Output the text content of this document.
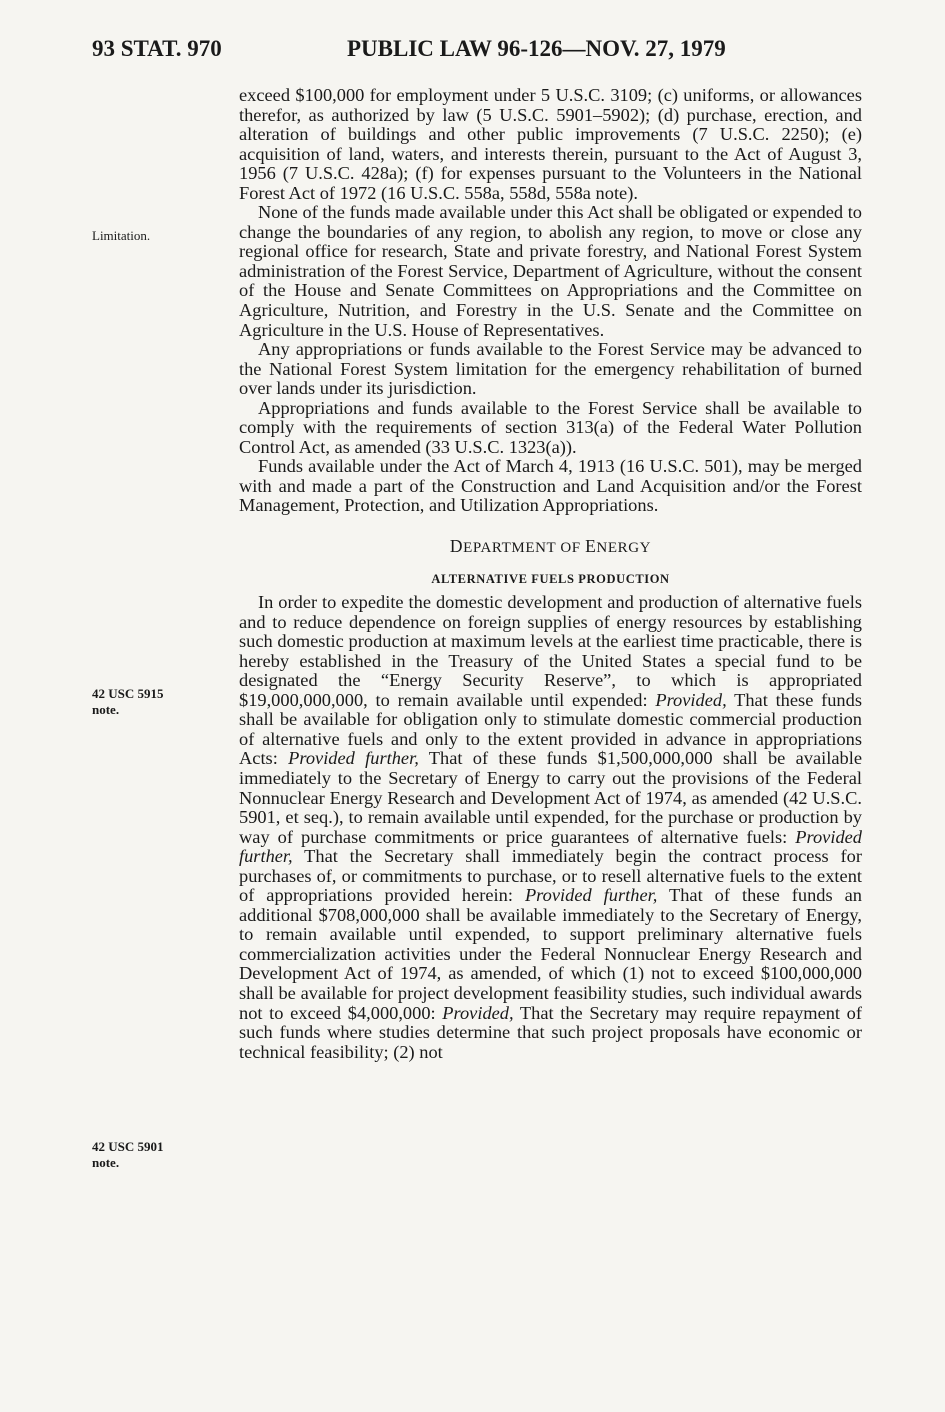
93 STAT. 970	PUBLIC LAW 96-126—NOV. 27, 1979
Limitation.
42 USC 5915
note.
42 USC 5901
note.

exceed $100,000 for employment under 5 U.S.C. 3109; (c) uniforms, or allowances therefor, as authorized by law (5 U.S.C. 5901–5902); (d) purchase, erection, and alteration of buildings and other public improvements (7 U.S.C. 2250); (e) acquisition of land, waters, and interests therein, pursuant to the Act of August 3, 1956 (7 U.S.C. 428a); (f) for expenses pursuant to the Volunteers in the National Forest Act of 1972 (16 U.S.C. 558a, 558d, 558a note).

None of the funds made available under this Act shall be obligated or expended to change the boundaries of any region, to abolish any region, to move or close any regional office for research, State and private forestry, and National Forest System administration of the Forest Service, Department of Agriculture, without the consent of the House and Senate Committees on Appropriations and the Committee on Agriculture, Nutrition, and Forestry in the U.S. Senate and the Committee on Agriculture in the U.S. House of Representatives.

Any appropriations or funds available to the Forest Service may be advanced to the National Forest System limitation for the emergency rehabilitation of burned over lands under its jurisdiction.

Appropriations and funds available to the Forest Service shall be available to comply with the requirements of section 313(a) of the Federal Water Pollution Control Act, as amended (33 U.S.C. 1323(a)).

Funds available under the Act of March 4, 1913 (16 U.S.C. 501), may be merged with and made a part of the Construction and Land Acquisition and/or the Forest Management, Protection, and Utilization Appropriations.

DEPARTMENT OF ENERGY
ALTERNATIVE FUELS PRODUCTION

In order to expedite the domestic development and production of alternative fuels and to reduce dependence on foreign supplies of energy resources by establishing such domestic production at maximum levels at the earliest time practicable, there is hereby established in the Treasury of the United States a special fund to be designated the “Energy Security Reserve”, to which is appropriated $19,000,000,000, to remain available until expended: Provided, That these funds shall be available for obligation only to stimulate domestic commercial production of alternative fuels and only to the extent provided in advance in appropriations Acts: Provided further, That of these funds $1,500,000,000 shall be available immediately to the Secretary of Energy to carry out the provisions of the Federal Nonnuclear Energy Research and Development Act of 1974, as amended (42 U.S.C. 5901, et seq.), to remain available until expended, for the purchase or production by way of purchase commitments or price guarantees of alternative fuels: Provided further, That the Secretary shall immediately begin the contract process for purchases of, or commitments to purchase, or to resell alternative fuels to the extent of appropriations provided herein: Provided further, That of these funds an additional $708,000,000 shall be available immediately to the Secretary of Energy, to remain available until expended, to support preliminary alternative fuels commercialization activities under the Federal Nonnuclear Energy Research and Development Act of 1974, as amended, of which (1) not to exceed $100,000,000 shall be available for project development feasibility studies, such individual awards not to exceed $4,000,000: Provided, That the Secretary may require repayment of such funds where studies determine that such project proposals have economic or technical feasibility; (2) not
